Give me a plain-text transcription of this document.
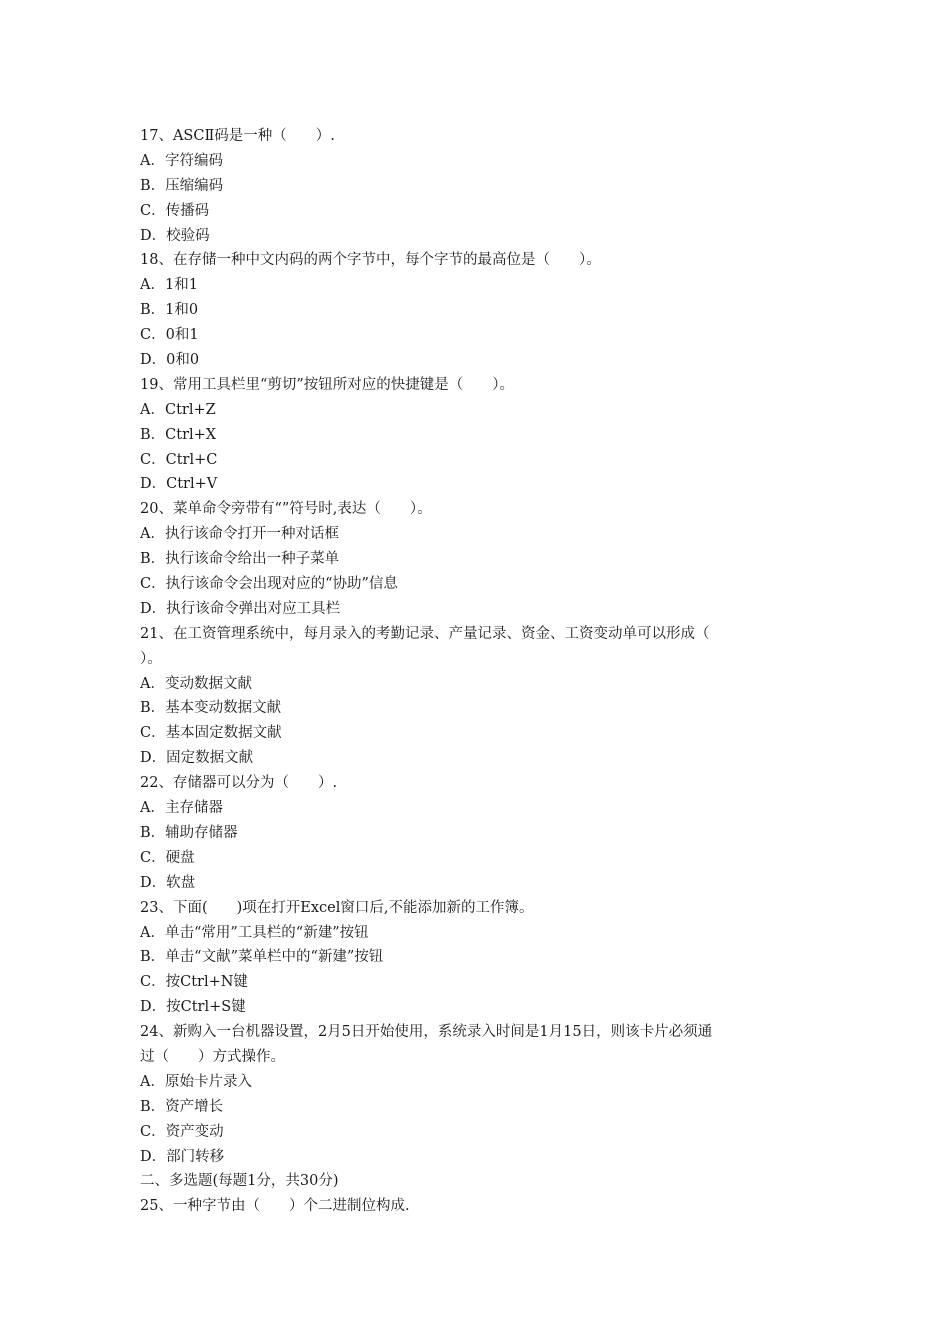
17、ASCⅡ码是一种（　　）.
A．字符编码
B．压缩编码
C．传播码
D．校验码
18、在存储一种中文内码的两个字节中，每个字节的最高位是（　　）。
A．1和1
B．1和0
C．0和1
D．0和0
19、常用工具栏里“剪切”按钮所对应的快捷键是（　　）。
A．Ctrl+Z
B．Ctrl+X
C．Ctrl+C
D．Ctrl+V
20、菜单命令旁带有“”符号时,表达（　　）。
A．执行该命令打开一种对话框
B．执行该命令给出一种子菜单
C．执行该命令会出现对应的“协助”信息
D．执行该命令弹出对应工具栏
21、在工资管理系统中，每月录入的考勤记录、产量记录、资金、工资变动单可以形成（
）。
A．变动数据文献
B．基本变动数据文献
C．基本固定数据文献
D．固定数据文献
22、存储器可以分为（　　）.
A．主存储器
B．辅助存储器
C．硬盘
D．软盘
23、下面(　　)项在打开Excel窗口后,不能添加新的工作簿。
A．单击“常用”工具栏的“新建”按钮
B．单击“文献”菜单栏中的“新建”按钮
C．按Ctrl+N键
D．按Ctrl+S键
24、新购入一台机器设置，2月5日开始使用，系统录入时间是1月15日，则该卡片必须通
过（　　）方式操作。
A．原始卡片录入
B．资产增长
C．资产变动
D．部门转移
二、多选题(每题1分，共30分)
25、一种字节由（　　）个二进制位构成.
